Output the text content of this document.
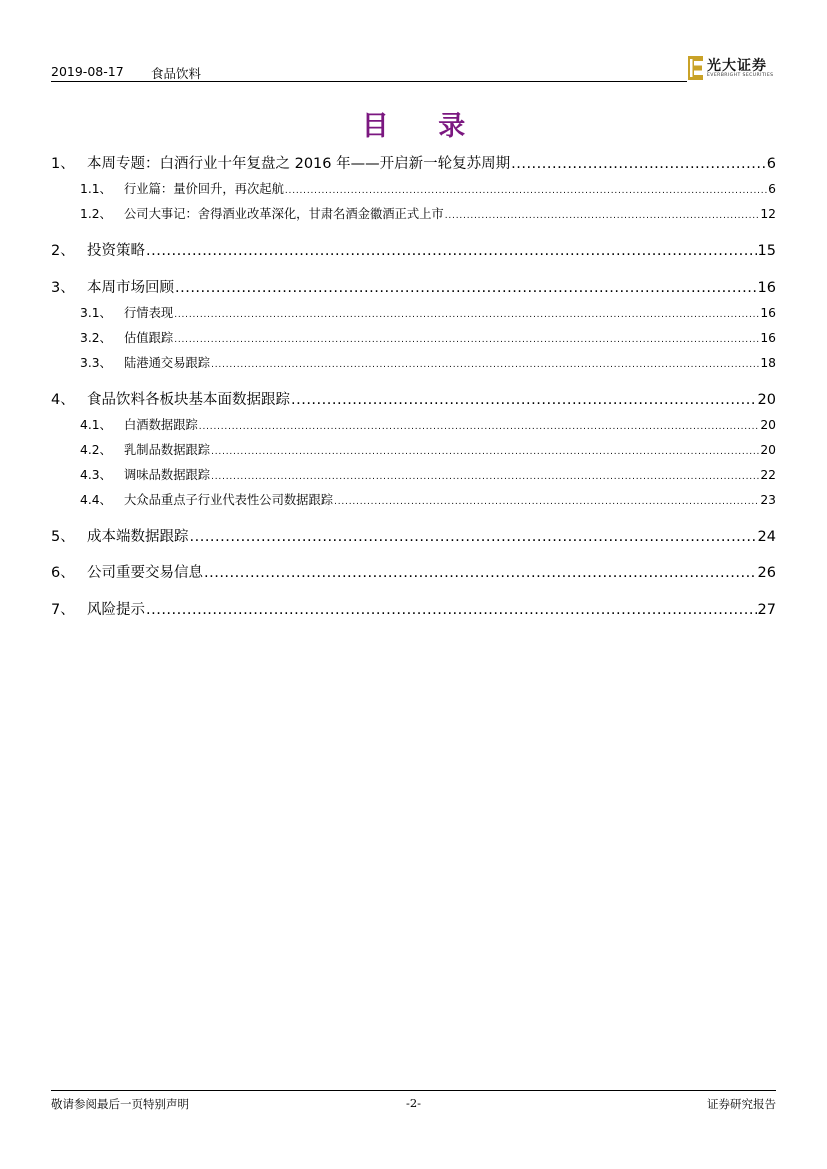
2019-08-17 食品饮料	光大证券
EVERBRIGHT SECURITIES
目 录
1、 本周专题：白酒行业十年复盘之 2016 年——开启新一轮复苏周期 .....	6
1.1、 行业篇：量价回升，再次起航 .....	6
1.2、 公司大事记：舍得酒业改革深化，甘肃名酒金徽酒正式上市 .....	12
2、 投资策略 .....	15
3、 本周市场回顾 .....	16
3.1、 行情表现 .....	16
3.2、 估值跟踪 .....	16
3.3、 陆港通交易跟踪 .....	18
4、 食品饮料各板块基本面数据跟踪 .....	20
4.1、 白酒数据跟踪 .....	20
4.2、 乳制品数据跟踪 .....	20
4.3、 调味品数据跟踪 .....	22
4.4、 大众品重点子行业代表性公司数据跟踪 .....	23
5、 成本端数据跟踪 .....	24
6、 公司重要交易信息 .....	26
7、 风险提示 .....	27
敬请参阅最后一页特别声明	-2-	证券研究报告
